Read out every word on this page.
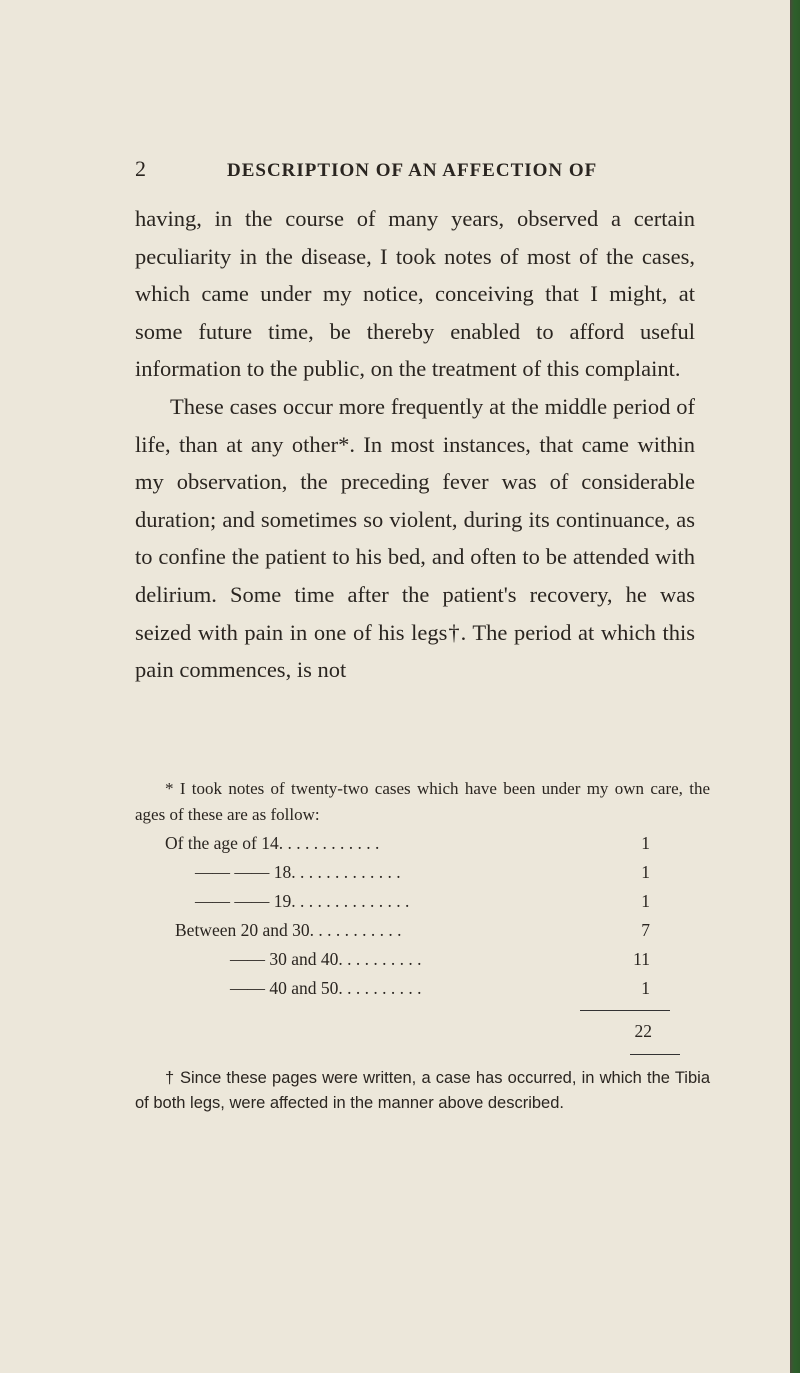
2	DESCRIPTION OF AN AFFECTION OF

having, in the course of many years, observed a certain peculiarity in the disease, I took notes of most of the cases, which came under my notice, conceiving that I might, at some future time, be thereby enabled to afford useful information to the public, on the treatment of this complaint.

These cases occur more frequently at the middle period of life, than at any other*. In most instances, that came within my observation, the preceding fever was of considerable duration; and sometimes so violent, during its continuance, as to confine the patient to his bed, and often to be attended with delirium. Some time after the patient's recovery, he was seized with pain in one of his legs†. The period at which this pain commences, is not

* I took notes of twenty-two cases which have been under my own care, the ages of these are as follow:

Of the age of 14. . . . . . . . . . . .	1
—— —— 18. . . . . . . . . . . . .	1
—— —— 19. . . . . . . . . . . . . .	1
Between 20 and 30. . . . . . . . . . .	7
—— 30 and 40. . . . . . . . . .	11
—— 40 and 50. . . . . . . . . .	1
22

† Since these pages were written, a case has occurred, in which the Tibia of both legs, were affected in the manner above described.
